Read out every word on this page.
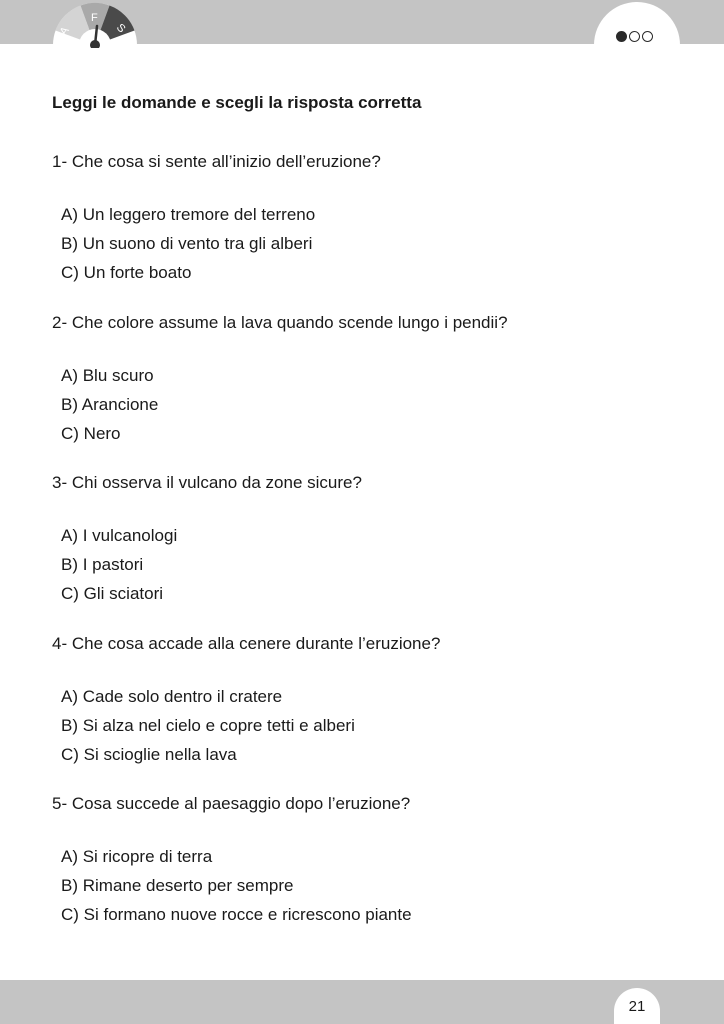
A
F
S

Leggi le domande e scegli la risposta corretta

1- Che cosa si sente all’inizio dell’eruzione?

A) Un leggero tremore del terreno

B) Un suono di vento tra gli alberi

C) Un forte boato

2- Che colore assume la lava quando scende lungo i pendii?

A) Blu scuro

B) Arancione

C) Nero

3- Chi osserva il vulcano da zone sicure?

A) I vulcanologi

B) I pastori

C) Gli sciatori

4- Che cosa accade alla cenere durante l’eruzione?

A) Cade solo dentro il cratere

B) Si alza nel cielo e copre tetti e alberi

C) Si scioglie nella lava

5- Cosa succede al paesaggio dopo l’eruzione?

A) Si ricopre di terra

B) Rimane deserto per sempre

C) Si formano nuove rocce e ricrescono piante

21
